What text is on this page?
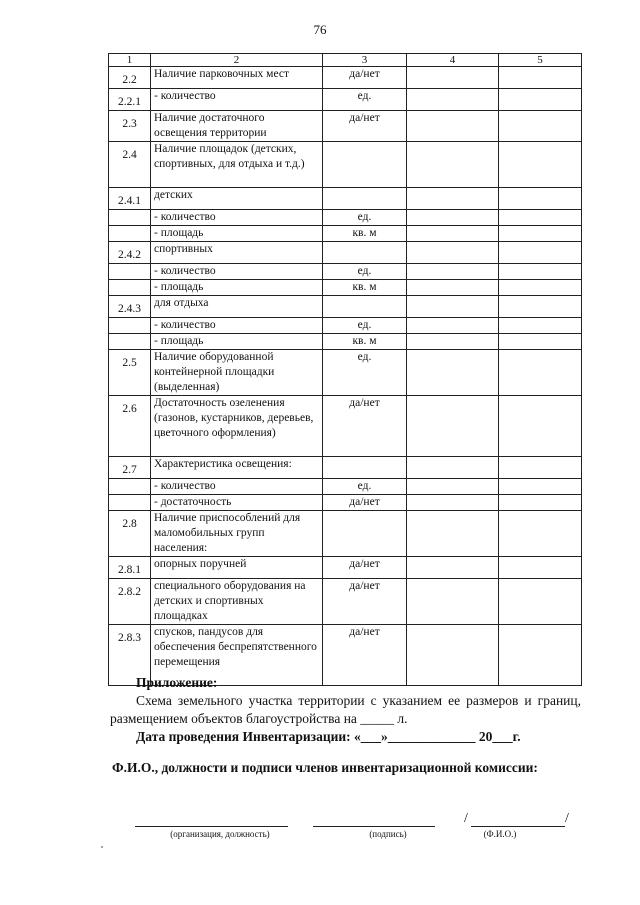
76
1	2	3	4	5
2.2	Наличие парковочных мест	да/нет		
2.2.1	- количество	ед.		
2.3	Наличие достаточного освещения территории	да/нет		
2.4	Наличие площадок (детских, спортивных, для отдыха и т.д.)			
2.4.1	детских			
	- количество	ед.		
	- площадь	кв. м		
2.4.2	спортивных			
	- количество	ед.		
	- площадь	кв. м		
2.4.3	для отдыха			
	- количество	ед.		
	- площадь	кв. м		
2.5	Наличие оборудованной контейнерной площадки (выделенная)	ед.		
2.6	Достаточность озеленения (газонов, кустарников, деревьев, цветочного оформления)	да/нет		
2.7	Характеристика освещения:			
	- количество	ед.		
	- достаточность	да/нет		
2.8	Наличие приспособлений для маломобильных групп населения:			
2.8.1	опорных поручней	да/нет		
2.8.2	специального оборудования на детских и спортивных площадках	да/нет		
2.8.3	спусков, пандусов для обеспечения беспрепятственного перемещения	да/нет		
Приложение:
Схема земельного участка территории с указанием ее размеров и границ, размещением объектов благоустройства на _____ л.
Дата проведения Инвентаризации: «___»_____________ 20___г.
Ф.И.О., должности и подписи членов инвентаризационной комиссии:
/	/
(организация, должность)	(подпись)	(Ф.И.О.)
